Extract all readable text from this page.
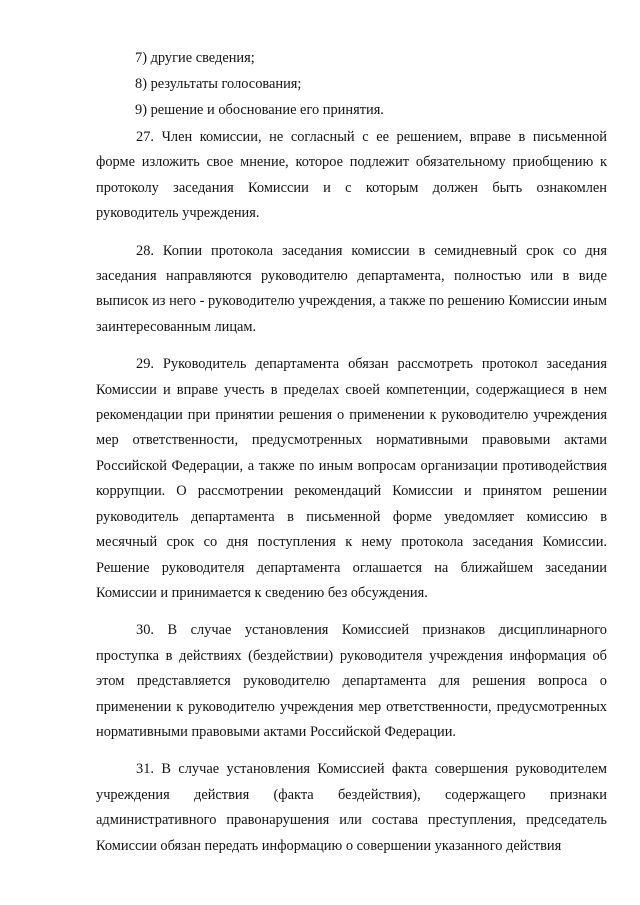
7) другие сведения;

8) результаты голосования;

9) решение и обоснование его принятия.

27. Член комиссии, не согласный с ее решением, вправе в письменной форме изложить свое мнение, которое подлежит обязательному приобщению к протоколу заседания Комиссии и с которым должен быть ознакомлен руководитель учреждения.

28. Копии протокола заседания комиссии в семидневный срок со дня заседания направляются руководителю департамента, полностью или в виде выписок из него - руководителю учреждения, а также по решению Комиссии иным заинтересованным лицам.

29. Руководитель департамента обязан рассмотреть протокол заседания Комиссии и вправе учесть в пределах своей компетенции, содержащиеся в нем рекомендации при принятии решения о применении к руководителю учреждения мер ответственности, предусмотренных нормативными правовыми актами Российской Федерации, а также по иным вопросам организации противодействия коррупции. О рассмотрении рекомендаций Комиссии и принятом решении руководитель департамента в письменной форме уведомляет комиссию в месячный срок со дня поступления к нему протокола заседания Комиссии. Решение руководителя департамента оглашается на ближайшем заседании Комиссии и принимается к сведению без обсуждения.

30. В случае установления Комиссией признаков дисциплинарного проступка в действиях (бездействии) руководителя учреждения информация об этом представляется руководителю департамента для решения вопроса о применении к руководителю учреждения мер ответственности, предусмотренных нормативными правовыми актами Российской Федерации.

31. В случае установления Комиссией факта совершения руководителем учреждения действия (факта бездействия), содержащего признаки административного правонарушения или состава преступления, председатель Комиссии обязан передать информацию о совершении указанного действия
